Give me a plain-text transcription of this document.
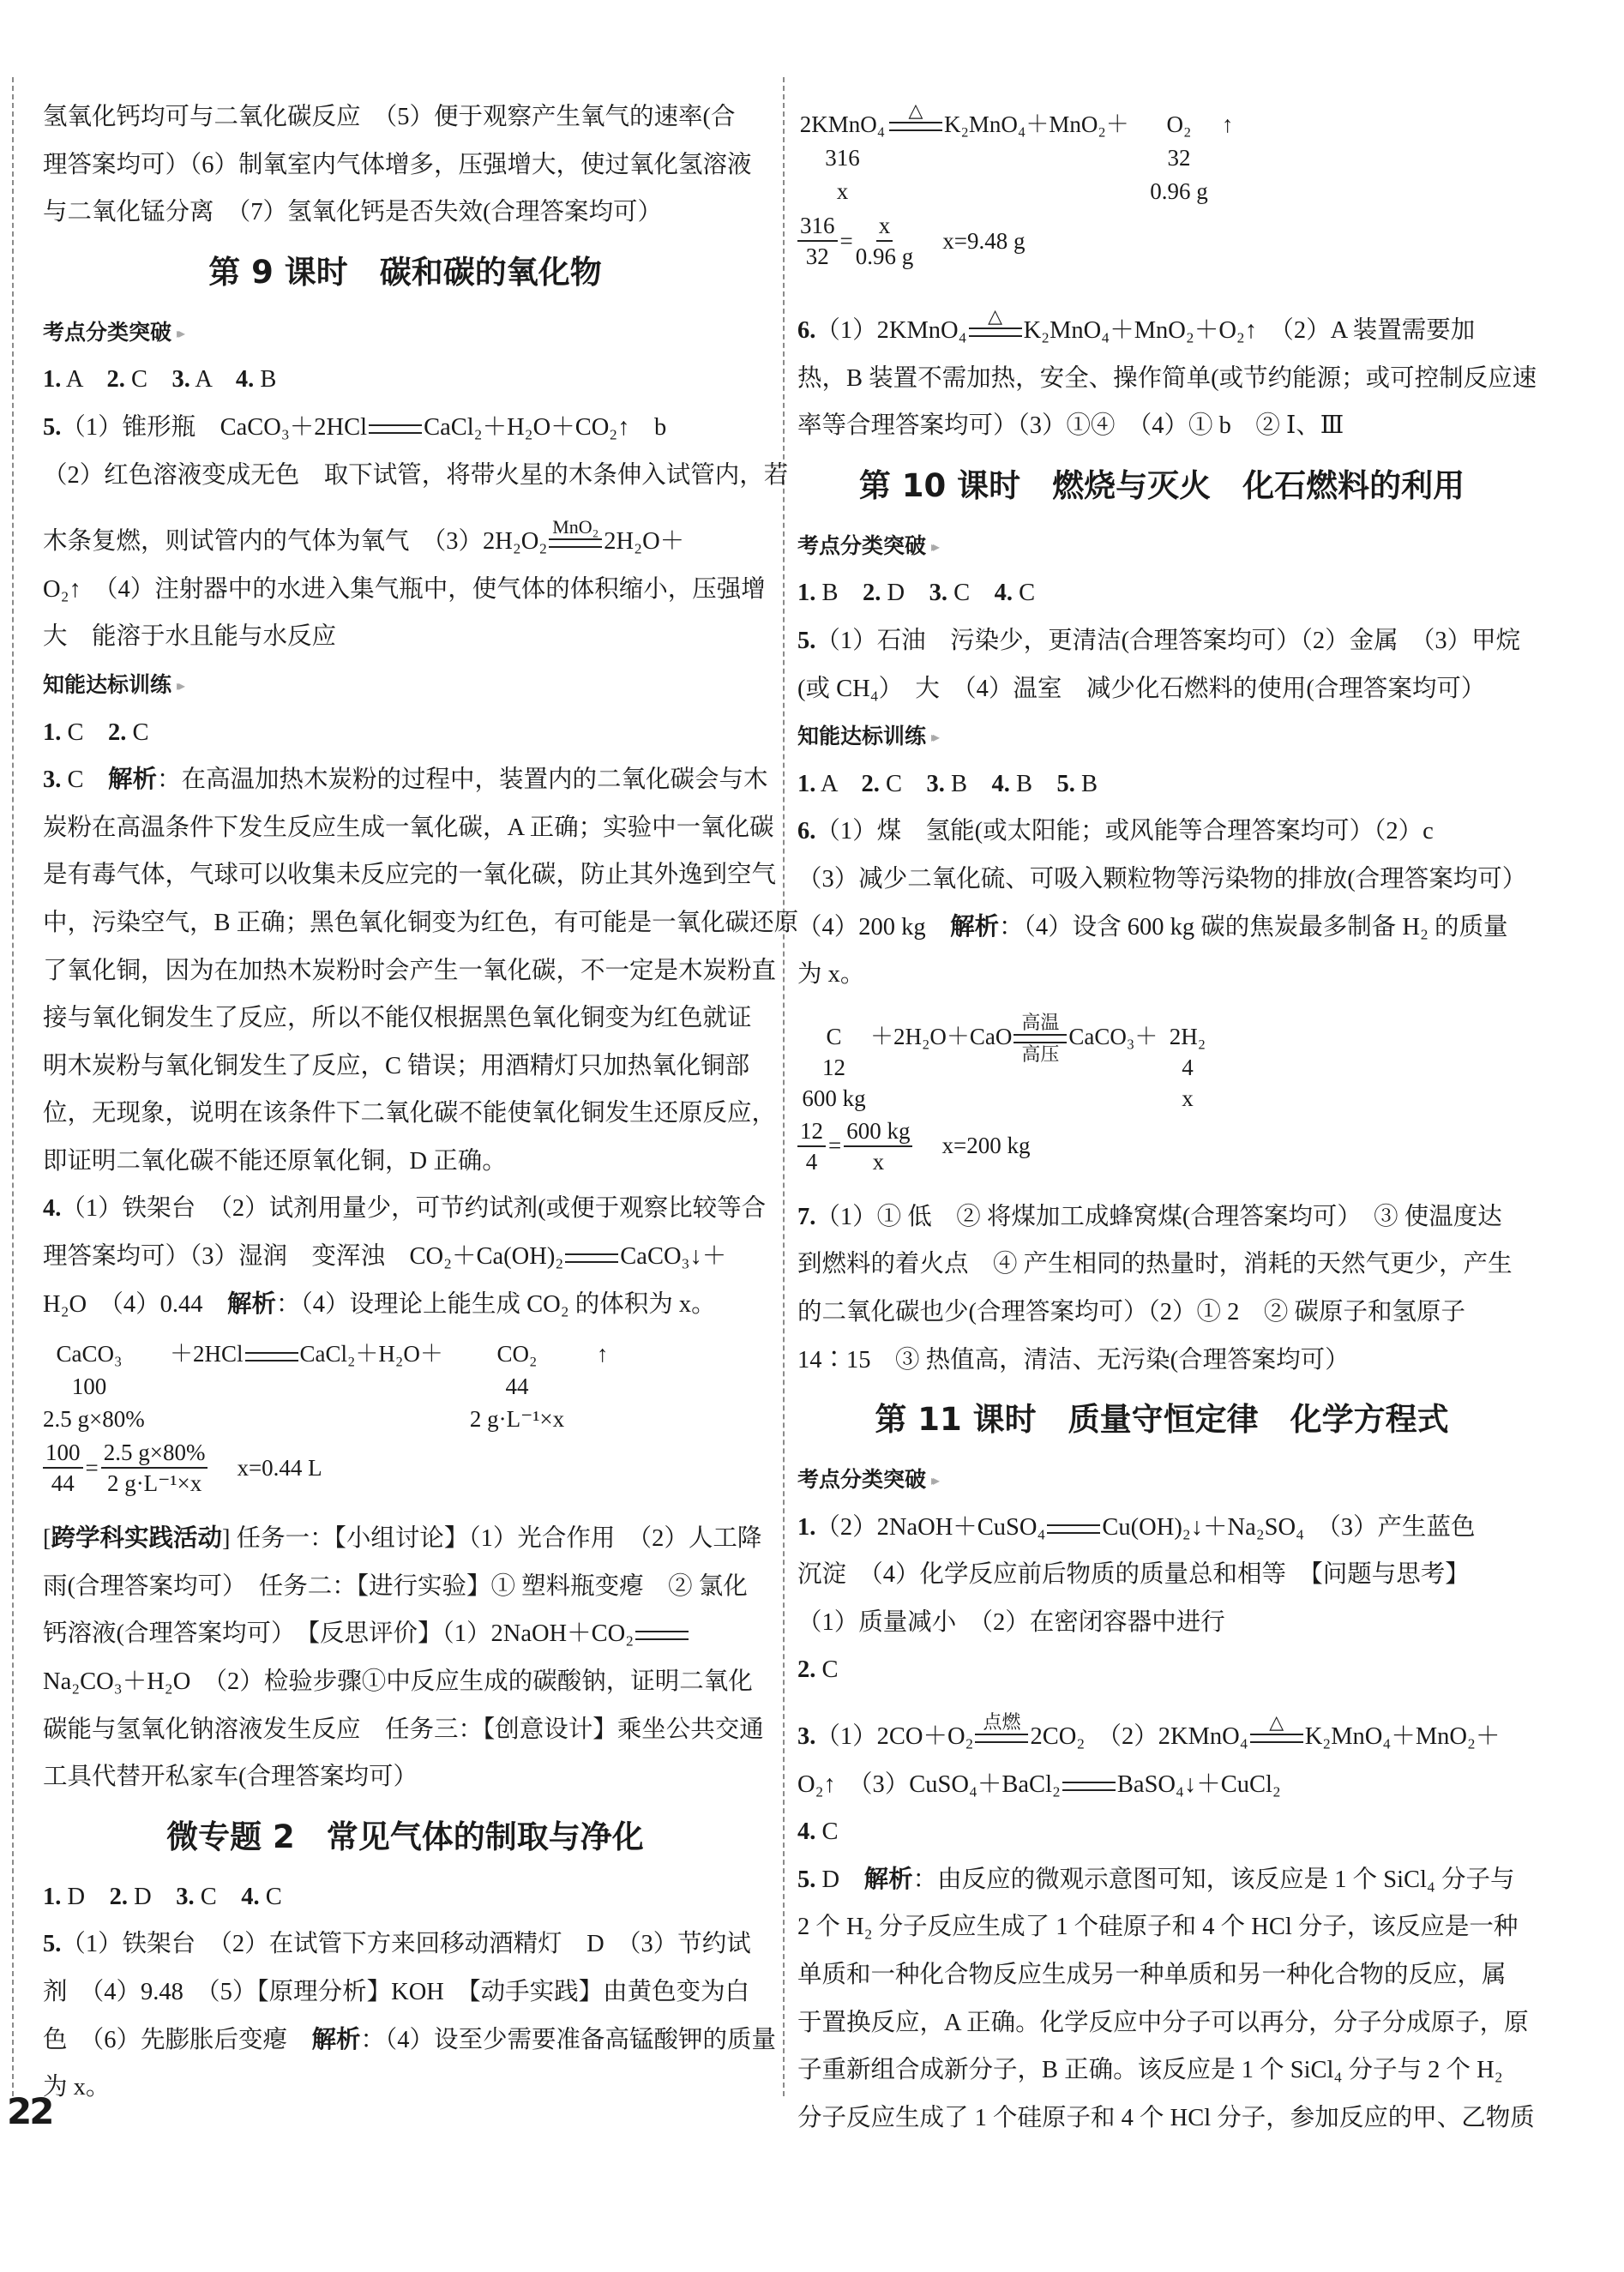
氢氧化钙均可与二氧化碳反应　（5）便于观察产生氧气的速率(合
理答案均可）（6）制氧室内气体增多，压强增大，使过氧化氢溶液
与二氧化锰分离　（7）氢氧化钙是否失效(合理答案均可）
第 9 课时　碳和碳的氧化物
考点分类突破 ▸▸
1. A　2. C　3. A　4. B
5.（1）锥形瓶　CaCO₃＋2HCl CaCl₂＋H₂O＋CO₂↑　b
（2）红色溶液变成无色　取下试管，将带火星的木条伸入试管内，若
木条复燃，则试管内的气体为氧气　（3）2H₂O₂
MnO₂
2H₂O＋
O₂↑　（4）注射器中的水进入集气瓶中，使气体的体积缩小，压强增
大　能溶于水且能与水反应
知能达标训练 ▸▸
1. C　2. C
3. C　解析：在高温加热木炭粉的过程中，装置内的二氧化碳会与木
炭粉在高温条件下发生反应生成一氧化碳，A 正确；实验中一氧化碳
是有毒气体，气球可以收集未反应完的一氧化碳，防止其外逸到空气
中，污染空气，B 正确；黑色氧化铜变为红色，有可能是一氧化碳还原
了氧化铜，因为在加热木炭粉时会产生一氧化碳，不一定是木炭粉直
接与氧化铜发生了反应，所以不能仅根据黑色氧化铜变为红色就证
明木炭粉与氧化铜发生了反应，C 错误；用酒精灯只加热氧化铜部
位，无现象，说明在该条件下二氧化碳不能使氧化铜发生还原反应，
即证明二氧化碳不能还原氧化铜，D 正确。
4.（1）铁架台　（2）试剂用量少，可节约试剂(或便于观察比较等合
理答案均可）（3）湿润　变浑浊　CO₂＋Ca(OH)₂ CaCO₃↓＋
H₂O　（4）0.44　解析：（4）设理论上能生成 CO₂ 的体积为 x。
CaCO₃	＋2HCl CaCl₂＋H₂O＋	CO₂	↑
100	44
2.5 g×80%	2 g·L⁻¹×x
$\frac{100}{44} = \frac{2.5 g\times 80\%}{\text{2 g·L⁻¹×x}} x=0.44$ L
[跨学科实践活动] 任务一：【小组讨论】（1）光合作用　（2）人工降
雨(合理答案均可）　任务二：【进行实验】① 塑料瓶变瘪　② 氯化
钙溶液(合理答案均可）　【反思评价】（1）2NaOH＋CO₂
Na₂CO₃＋H₂O　（2）检验步骤①中反应生成的碳酸钠，证明二氧化
碳能与氢氧化钠溶液发生反应　任务三：【创意设计】乘坐公共交通
工具代替开私家车(合理答案均可）
微专题 2　常见气体的制取与净化
1. D　2. D　3. C　4. C
5.（1）铁架台　（2）在试管下方来回移动酒精灯　D　（3）节约试
剂　（4）9.48　（5）【原理分析】KOH　【动手实践】由黄色变为白
色　（6）先膨胀后变瘪　解析：（4）设至少需要准备高锰酸钾的质量
为 x。
2KMnO₄
△
K₂MnO₄＋MnO₂＋	O₂	↑
316	32
x	0.96 g
$\frac{316}{32} = \frac{x}{0.96 g} x=9.48$ g
6.（1）2KMnO₄
△
K₂MnO₄＋MnO₂＋O₂↑　（2）A 装置需要加
热，B 装置不需加热，安全、操作简单(或节约能源；或可控制反应速
率等合理答案均可）（3）①④　（4）① b　② Ⅰ、Ⅲ
第 10 课时　燃烧与灭火　化石燃料的利用
考点分类突破 ▸▸
1. B　2. D　3. C　4. C
5.（1）石油　污染少，更清洁(合理答案均可）（2）金属　（3）甲烷
(或 CH₄）　大　（4）温室　减少化石燃料的使用(合理答案均可）
知能达标训练 ▸▸
1. A　2. C　3. B　4. B　5. B
6.（1）煤　氢能(或太阳能；或风能等合理答案均可）（2）c
（3）减少二氧化硫、可吸入颗粒物等污染物的排放(合理答案均可）
（4）200 kg　解析：（4）设含 600 kg 碳的焦炭最多制备 H₂ 的质量
为 x。
C	＋2H₂O＋CaO
高温
高压
CaCO₃＋ 2H₂
12	4
600 kg	x
$\frac{12}{4} = \frac{600 kg}{x} x=200$ kg
7.（1）① 低　② 将煤加工成蜂窝煤(合理答案均可）　③ 使温度达
到燃料的着火点　④ 产生相同的热量时，消耗的天然气更少，产生
的二氧化碳也少(合理答案均可）（2）① 2　② 碳原子和氢原子
14∶15　③ 热值高，清洁、无污染(合理答案均可）
第 11 课时　质量守恒定律　化学方程式
考点分类突破 ▸▸
1.（2）2NaOH＋CuSO₄ Cu(OH)₂↓＋Na₂SO₄　（3）产生蓝色
沉淀　（4）化学反应前后物质的质量总和相等　【问题与思考】
（1）质量减小　（2）在密闭容器中进行
2. C
3.（1）2CO＋O₂
点燃
2CO₂　（2）2KMnO₄
△
K₂MnO₄＋MnO₂＋
O₂↑　（3）CuSO₄＋BaCl₂ BaSO₄↓＋CuCl₂
4. C
5. D　解析：由反应的微观示意图可知，该反应是 1 个 SiCl₄ 分子与
2 个 H₂ 分子反应生成了 1 个硅原子和 4 个 HCl 分子，该反应是一种
单质和一种化合物反应生成另一种单质和另一种化合物的反应，属
于置换反应，A 正确。化学反应中分子可以再分，分子分成原子，原
子重新组合成新分子，B 正确。该反应是 1 个 SiCl₄ 分子与 2 个 H₂
分子反应生成了 1 个硅原子和 4 个 HCl 分子，参加反应的甲、乙物质
22
